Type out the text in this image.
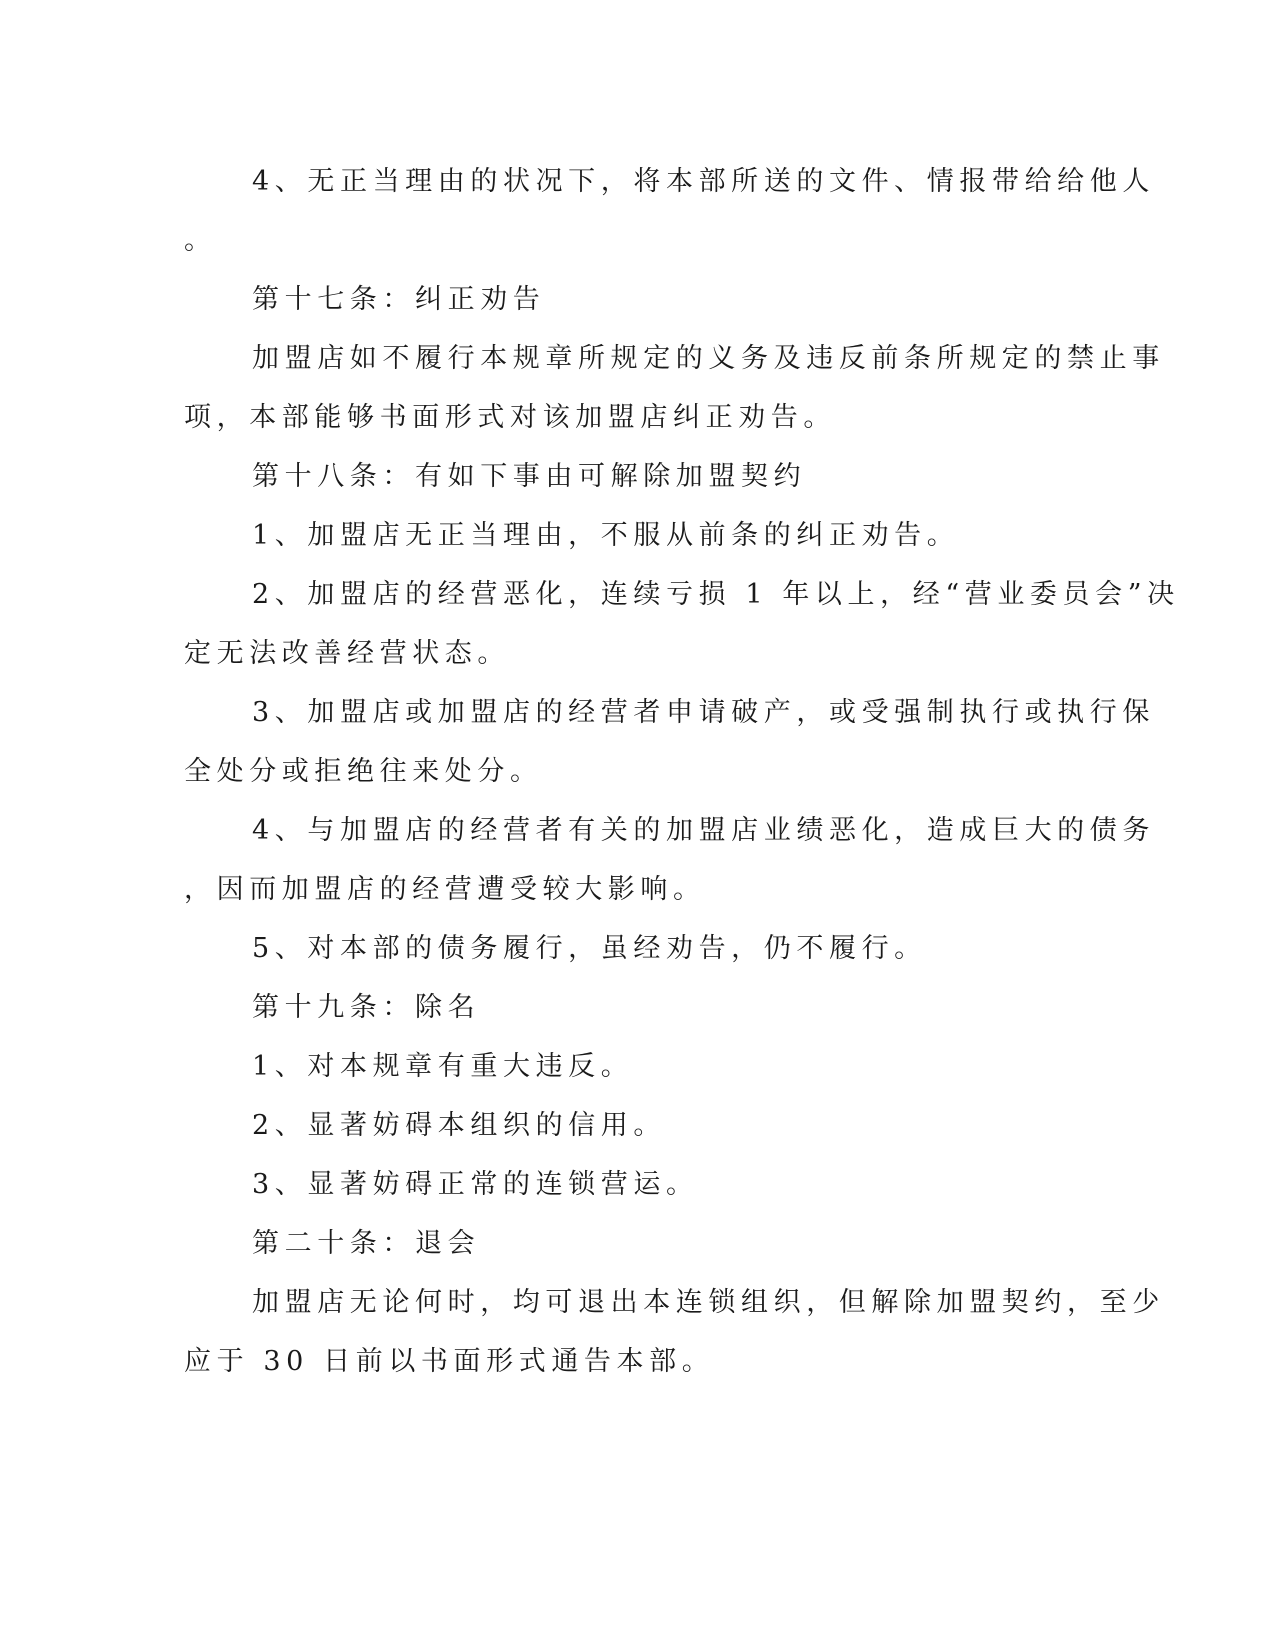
4、无正当理由的状况下，将本部所送的文件、情报带给给他人
。
第十七条：纠正劝告
加盟店如不履行本规章所规定的义务及违反前条所规定的禁止事
项，本部能够书面形式对该加盟店纠正劝告。
第十八条：有如下事由可解除加盟契约
1、加盟店无正当理由，不服从前条的纠正劝告。
2、加盟店的经营恶化，连续亏损 1 年以上，经“营业委员会”决
定无法改善经营状态。
3、加盟店或加盟店的经营者申请破产，或受强制执行或执行保
全处分或拒绝往来处分。
4、与加盟店的经营者有关的加盟店业绩恶化，造成巨大的债务
，因而加盟店的经营遭受较大影响。
5、对本部的债务履行，虽经劝告，仍不履行。
第十九条：除名
1、对本规章有重大违反。
2、显著妨碍本组织的信用。
3、显著妨碍正常的连锁营运。
第二十条：退会
加盟店无论何时，均可退出本连锁组织，但解除加盟契约，至少
应于 30 日前以书面形式通告本部。
